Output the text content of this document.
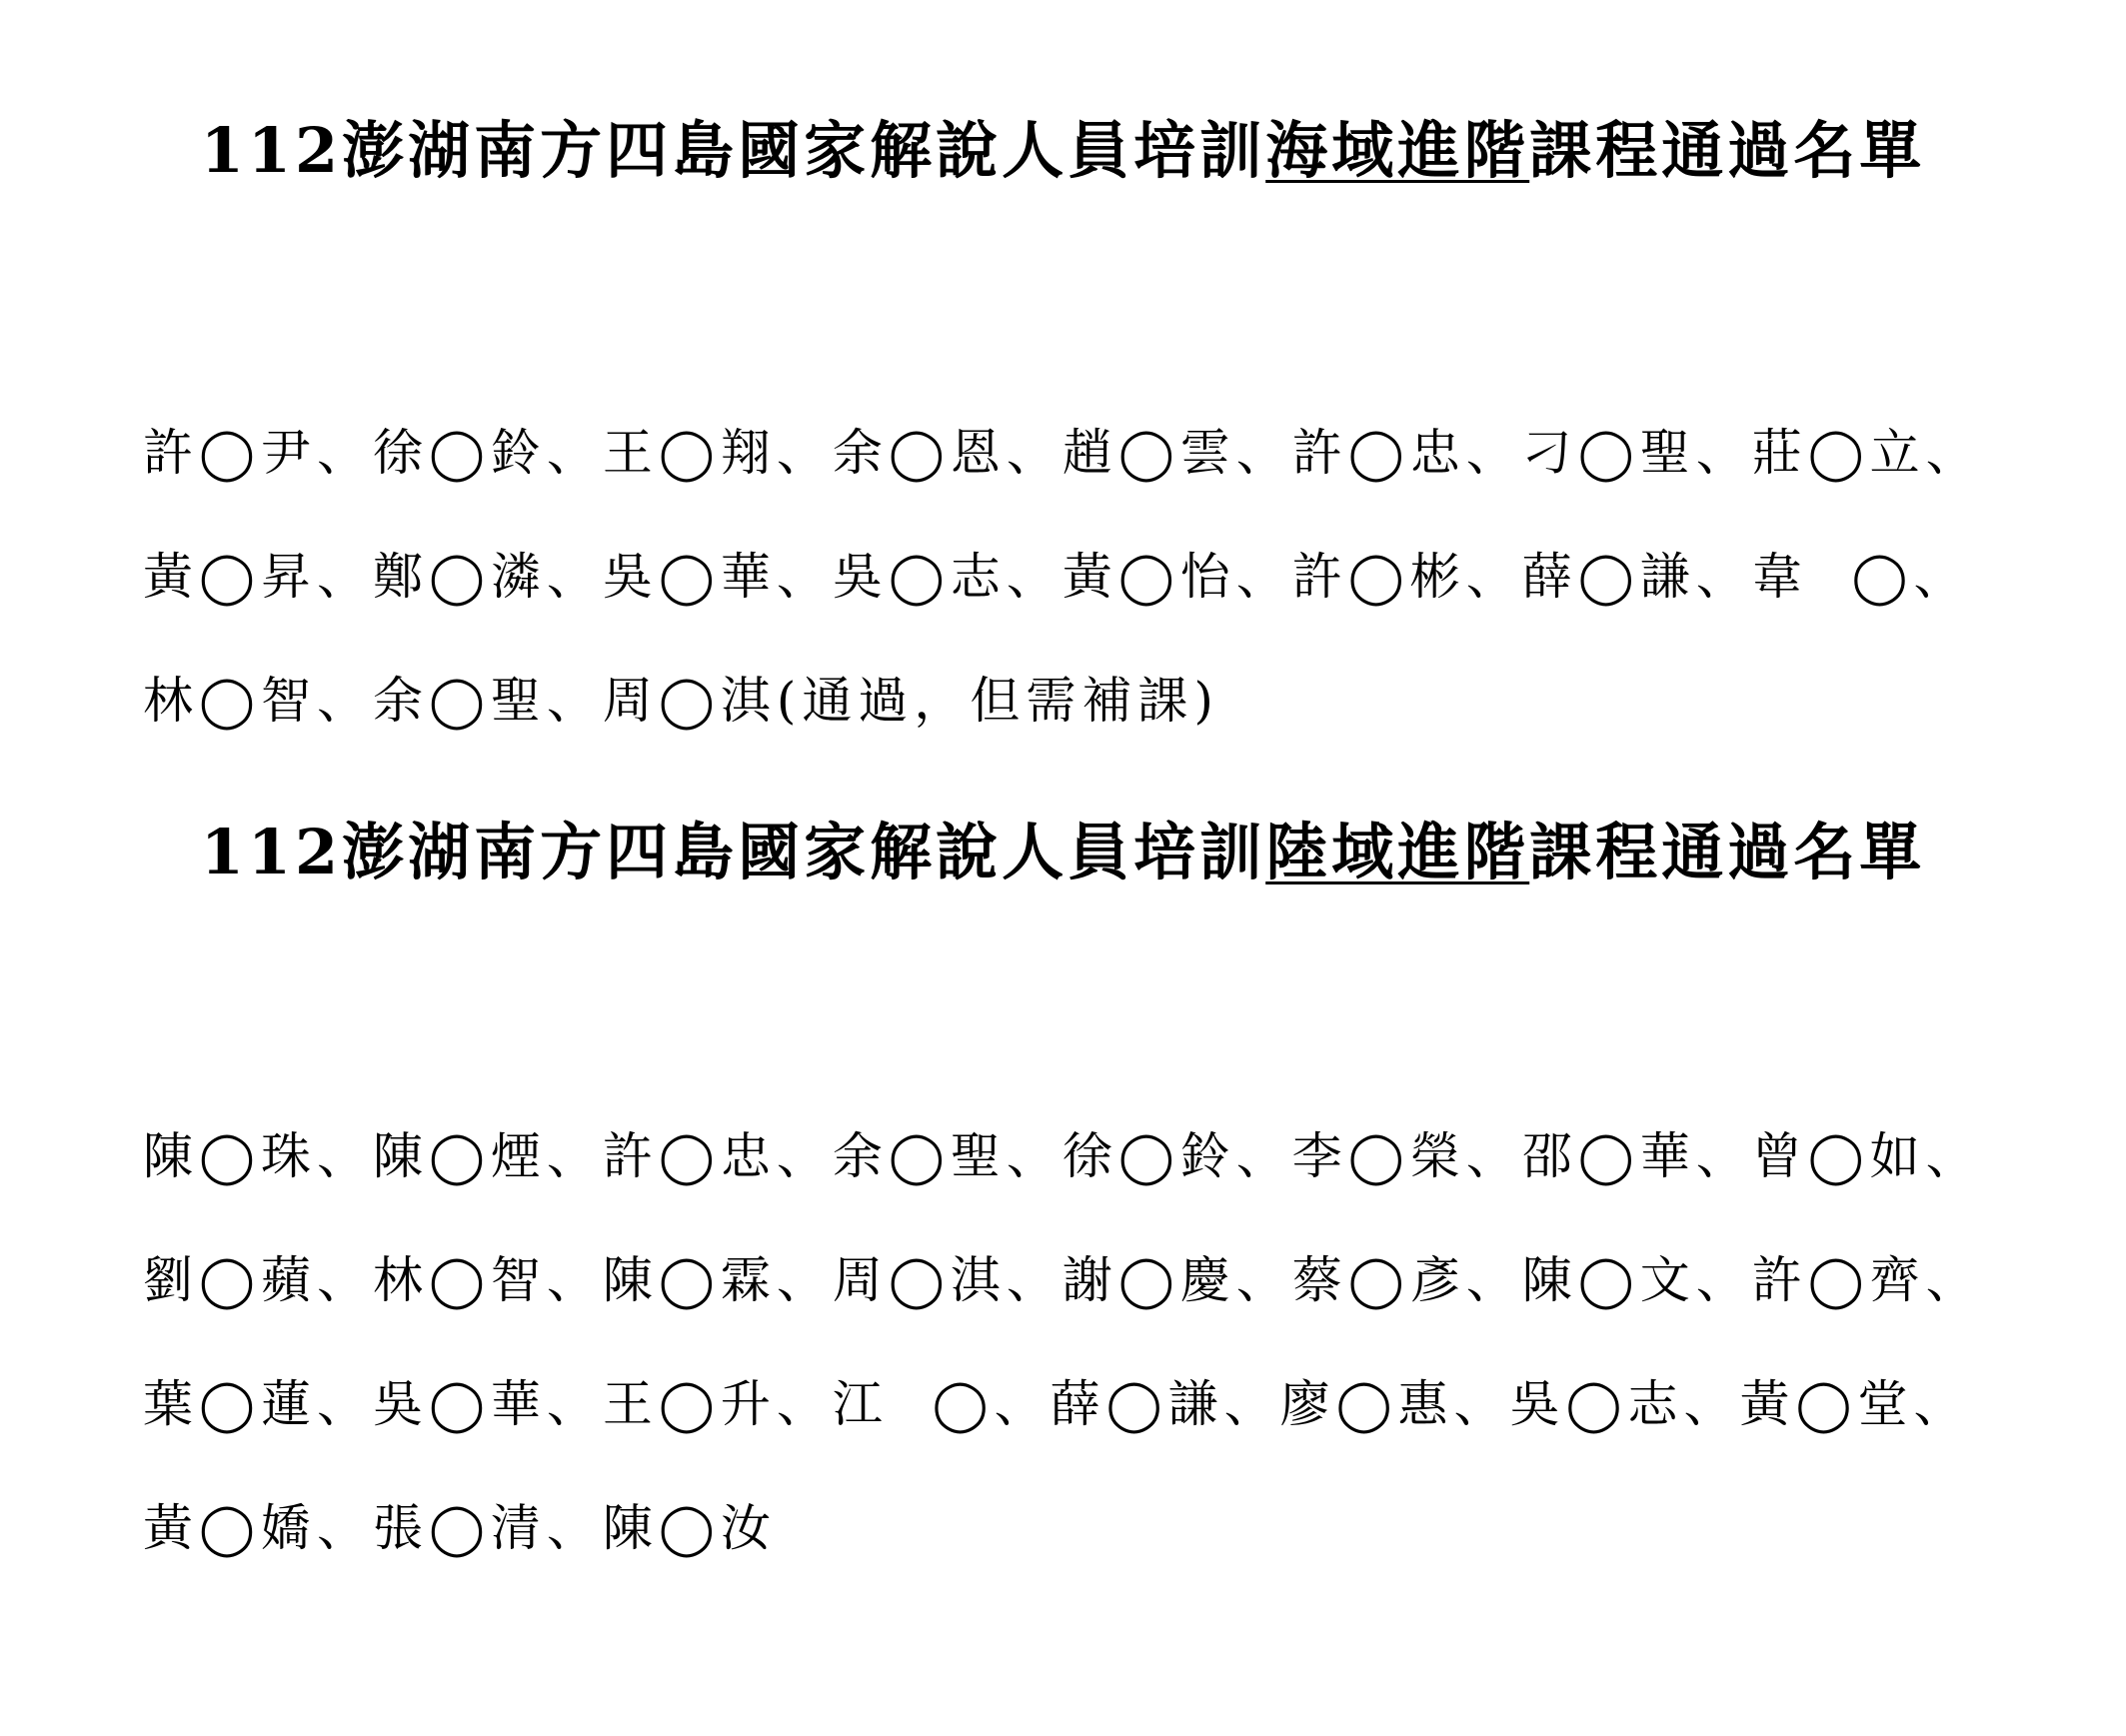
112澎湖南方四島國家解說人員培訓海域進階課程通過名單
許◯尹、徐◯鈴、王◯翔、余◯恩、趙◯雲、許◯忠、刁◯聖、莊◯立、
黃◯昇、鄭◯潾、吳◯華、吳◯志、黃◯怡、許◯彬、薛◯謙、韋  ◯、
林◯智、余◯聖、周◯淇(通過，但需補課)
112澎湖南方四島國家解說人員培訓陸域進階課程通過名單
陳◯珠、陳◯煙、許◯忠、余◯聖、徐◯鈴、李◯榮、邵◯華、曾◯如、
劉◯蘋、林◯智、陳◯霖、周◯淇、謝◯慶、蔡◯彥、陳◯文、許◯齊、
葉◯蓮、吳◯華、王◯升、江  ◯、薛◯謙、廖◯惠、吳◯志、黃◯堂、
黃◯嬌、張◯清、陳◯汝
